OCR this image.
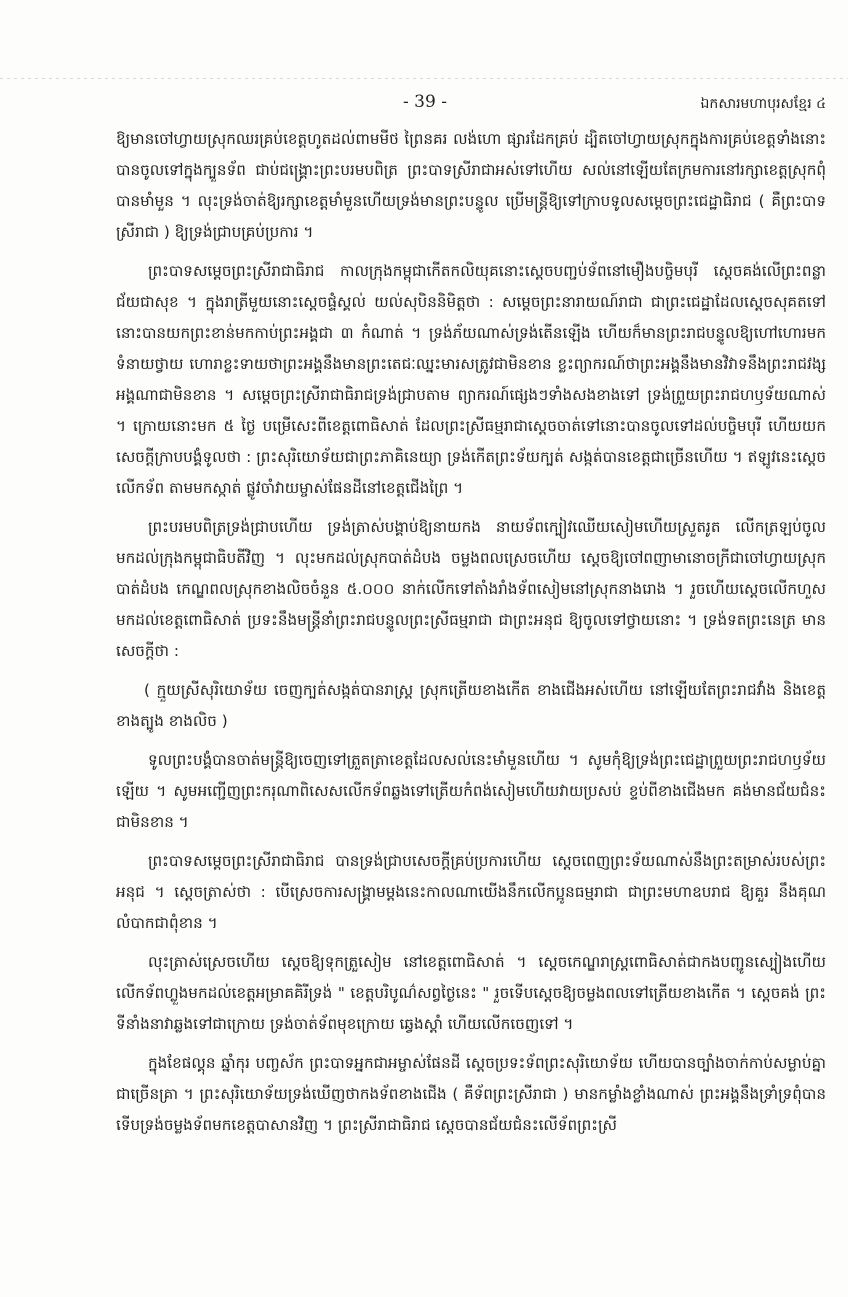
- 39 -	ឯកសារមហាបុរសខ្មែរ ៤

ឱ្យមានចៅហ្វាយស្រុកឈរគ្រប់ខេត្តហូតដល់ពាមមីថ ព្រៃនគរ លង់ហោ ផ្សារដែកគ្រប់ ដ្បិតចៅហ្វាយស្រុកក្នុងការគ្រប់ខេត្តទាំងនោះបានចូលទៅក្នុងក្បួនទ័ព ជាប់ជង្គ្រោះព្រះបរមបពិត្រ ព្រះបាទស្រីរាជាអស់ទៅហើយ សល់នៅឡើយតែក្រមការនៅរក្សាខេត្តស្រុកពុំបានមាំមួន ។ លុះទ្រង់ចាត់ឱ្យរក្សាខេត្តមាំមួនហើយទ្រង់មានព្រះបន្ទូល ប្រើមន្ត្រីឱ្យទៅក្រាបទូលសម្ដេចព្រះជេដ្ឋាធិរាជ ( គឺព្រះបាទស្រីរាជា ) ឱ្យទ្រង់ជ្រាបគ្រប់ប្រការ ។

ព្រះបាទសម្ដេចព្រះស្រីរាជាធិរាជ កាលក្រុងកម្ពុជាកើតកលិយុគនោះស្ដេចបញ្ជប់ទ័ពនៅមឿងបច្ចិមបុរី ស្ដេចគង់លើព្រះពន្លាជ័យជាសុខ ។ ក្នុងរាត្រីមួយនោះស្ដេចផ្ទំស្គល់ យល់សុបិននិមិត្តថា : សម្ដេចព្រះនារាយណ៍រាជា ជាព្រះជេដ្ឋាដែលស្ដេចសុគតទៅនោះបានយកព្រះខាន់មកកាប់ព្រះអង្គជា ៣ កំណាត់ ។ ទ្រង់ភ័យណាស់ទ្រង់តើនឡើង ហើយក៏មានព្រះរាជបន្ទូលឱ្យហៅហោរមកទំនាយថ្វាយ ហោរាខ្លះទាយថាព្រះអង្គនឹងមានព្រះតេជៈឈ្នះមារសត្រូវជាមិនខាន ខ្លះព្យាករណ៍ថាព្រះអង្គនឹងមានវិវាទនឹងព្រះរាជវង្សអង្គណាជាមិនខាន ។ សម្ដេចព្រះស្រីរាជាធិរាជទ្រង់ជ្រាបតាម ព្យាករណ៍ផ្សេងៗទាំងសងខាងទៅ ទ្រង់ព្រួយព្រះរាជហឫទ័យណាស់ ។ ក្រោយនោះមក ៥ ថ្ងៃ បម្រើសេះពីខេត្តពោធិសាត់ ដែលព្រះស្រីធម្មរាជាស្ដេចចាត់ទៅនោះបានចូលទៅដល់បច្ចិមបុរី ហើយយកសេចក្ដីក្រាបបង្គំទូលថា : ព្រះសុរិយោទ័យជាព្រះភាគិនេយ្យា ទ្រង់កើតព្រះទ័យក្បត់ សង្កត់បានខេត្តជាច្រើនហើយ ។ ឥឡូវនេះស្ដេចលើកទ័ព តាមមកស្កាត់ ផ្លូវចាំវាយម្ចាស់ផែនដីនៅខេត្តជើងព្រៃ ។

ព្រះបរមបពិត្រទ្រង់ជ្រាបហើយ ទ្រង់ត្រាស់បង្គាប់ឱ្យនាយកង នាយទ័ពក្បៀវឈើយសៀមហើយស្រួតរូត លើកត្រឡប់ចូលមកដល់ក្រុងកម្ពុជាធិបតីវិញ ។ លុះមកដល់ស្រុកបាត់ដំបង ចម្លងពលស្រេចហើយ ស្ដេចឱ្យចៅពញាមានោចក្រីជាចៅហ្វាយស្រុកបាត់ដំបង កេណ្ឌពលស្រុកខាងលិចចំនួន ៥.០០០ នាក់លើកទៅតាំងរាំងទ័ពសៀមនៅស្រុកនាងរោង ។ រួចហើយស្ដេចលើកហួសមកដល់ខេត្តពោធិសាត់ ប្រទះនឹងមន្ត្រីនាំព្រះរាជបន្ទូលព្រះស្រីធម្មរាជា ជាព្រះអនុជ ឱ្យចូលទៅថ្វាយនោះ ។ ទ្រង់ទតព្រះនេត្រ មានសេចក្ដីថា :

( ក្មួយស្រីសុរិយោទ័យ ចេញក្បត់សង្កត់បានរាស្ត្រ ស្រុកត្រើយខាងកើត ខាងជើងអស់ហើយ នៅឡើយតែព្រះរាជវាំង និងខេត្តខាងត្បូង ខាងលិច )

ទូលព្រះបង្គំបានចាត់មន្ត្រីឱ្យចេញទៅត្រួតត្រាខេត្តដែលសល់នេះមាំមួនហើយ ។ សូមកុំឱ្យទ្រង់ព្រះជេដ្ឋាព្រួយព្រះរាជហឫទ័យឡើយ ។ សូមអញ្ជើញព្រះករុណាពិសេសលើកទ័ពឆ្លងទៅត្រើយកំពង់សៀមហើយវាយប្រសប់ ខ្ទប់ពីខាងជើងមក គង់មានជ័យជំនះជាមិនខាន ។

ព្រះបាទសម្ដេចព្រះស្រីរាជាធិរាជ បានទ្រង់ជ្រាបសេចក្ដីគ្រប់ប្រការហើយ ស្ដេចពេញព្រះទ័យណាស់នឹងព្រះតម្រាស់របស់ព្រះអនុជ ។ ស្ដេចត្រាស់ថា : បើស្រេចការសង្គ្រាមម្ដងនេះកាលណាយើងនឹកលើកប្អូនធម្មរាជា ជាព្រះមហាឧបរាជ ឱ្យគួរ នឹងគុណលំបាកជាពុំខាន ។

លុះត្រាស់ស្រេចហើយ ស្ដេចឱ្យទុកត្រួសៀម នៅខេត្តពោធិសាត់ ។ ស្ដេចកេណ្ឌរាស្ត្រពោធិសាត់ជាកងបញ្ជូនស្បៀងហើយលើកទ័ពហ្លួងមកដល់ខេត្តអម្រាគគិរីទ្រង់ " ខេត្តបរិបូណ៌សព្វថ្ងៃនេះ " រួចទើបស្ដេចឱ្យចម្លងពលទៅត្រើយខាងកើត ។ ស្ដេចគង់ ព្រះទីនាំងនាវាឆ្លងទៅជាក្រោយ ទ្រង់ចាត់ទ័ពមុខក្រោយ ឆ្វេងស្ដាំ ហើយលើកចេញទៅ ។

ក្នុងខែផល្គុន ឆ្នាំកុរ បញ្ចស័ក ព្រះបាទអ្នកជាអម្ចាស់ផែនដី ស្ដេចប្រទះទ័ពព្រះសុរិយោទ័យ ហើយបានច្បាំងចាក់កាប់សម្លាប់គ្នាជាច្រើនគ្រា ។ ព្រះសុរិយោទ័យទ្រង់ឃើញថាកងទ័ពខាងជើង ( គឺទ័ពព្រះស្រីរាជា ) មានកម្លាំងខ្លាំងណាស់ ព្រះអង្គនឹងទ្រាំទ្រពុំបាន ទើបទ្រង់ចម្លងទ័ពមកខេត្តបាសានវិញ ។ ព្រះស្រីរាជាធិរាជ ស្ដេចបានជ័យជំនះលើទ័ពព្រះស្រី
